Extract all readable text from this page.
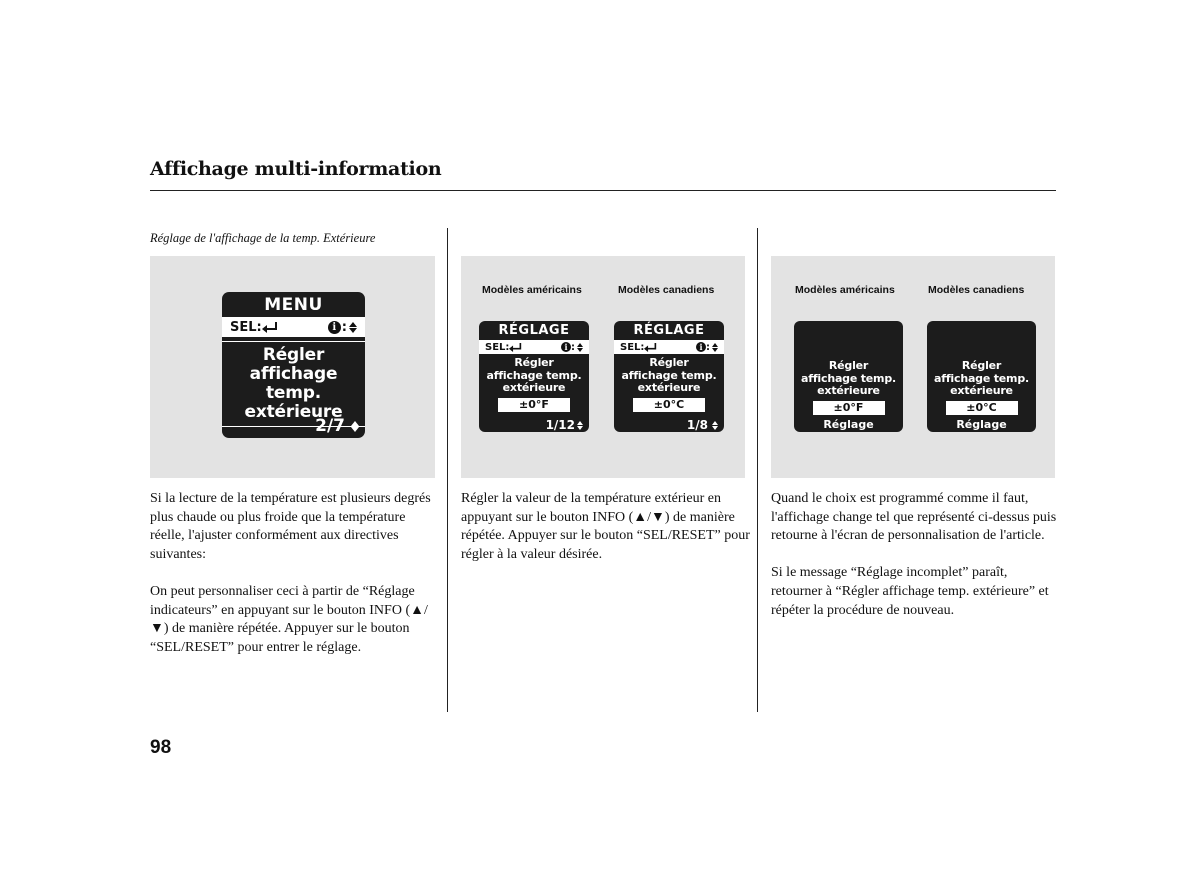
Affichage multi-information
Réglage de l'affichage de la temp. Extérieure
MENU
SEL:	i :
Régler
affichage temp.
extérieure
2/7
Modèles américains	Modèles canadiens
RÉGLAGE
SEL:	i :
Régler
affichage temp.
extérieure
±0°F
1/12
RÉGLAGE
SEL:	i :
Régler
affichage temp.
extérieure
±0°C
1/8
Modèles américains	Modèles canadiens
Régler
affichage temp.
extérieure
±0°F
Réglage
Régler
affichage temp.
extérieure
±0°C
Réglage

Si la lecture de la température est plusieurs degrés plus chaude ou plus froide que la température réelle, l'ajuster conformément aux directives suivantes:

On peut personnaliser ceci à partir de “Réglage indicateurs” en appuyant sur le bouton INFO (▲/▼) de manière répétée. Appuyer sur le bouton “SEL/RESET” pour entrer le réglage.

Régler la valeur de la température extérieur en appuyant sur le bouton INFO (▲/▼) de manière répétée. Appuyer sur le bouton “SEL/RESET” pour régler à la valeur désirée.

Quand le choix est programmé comme il faut, l'affichage change tel que représenté ci-dessus puis retourne à l'écran de personnalisation de l'article.

Si le message “Réglage incomplet” paraît, retourner à “Régler affichage temp. extérieure” et répéter la procédure de nouveau.

98
